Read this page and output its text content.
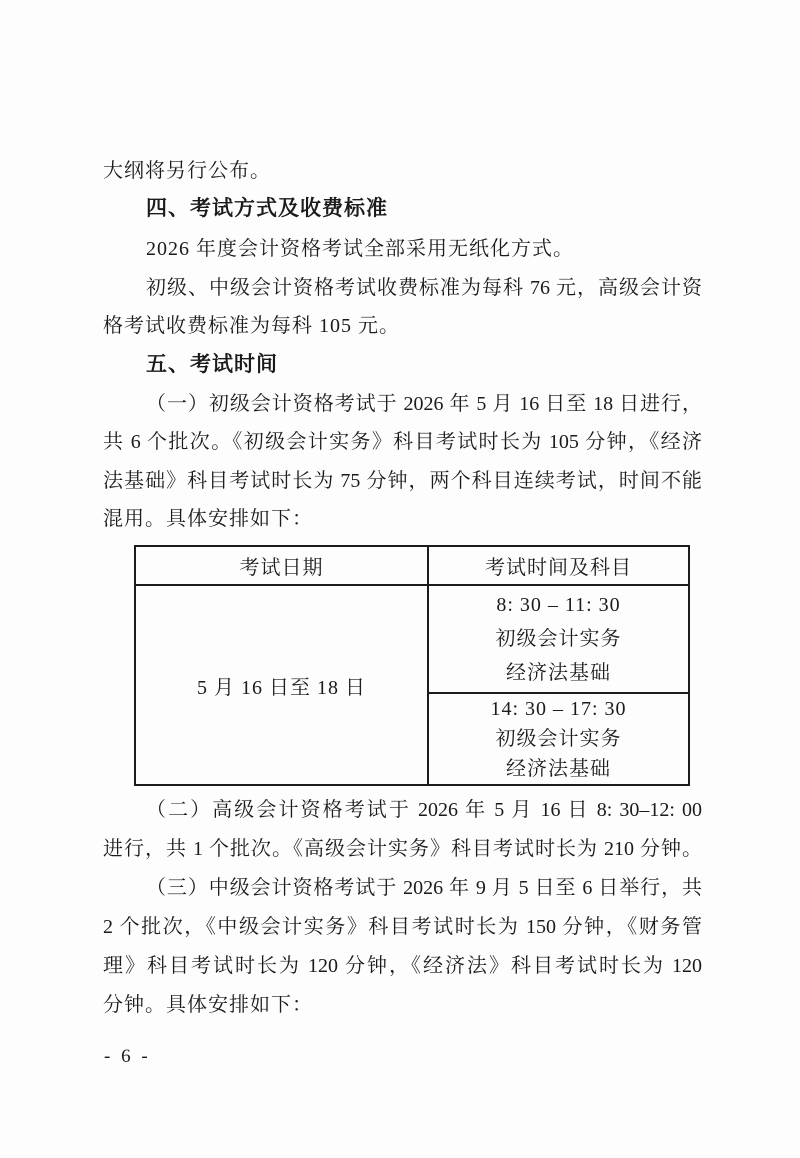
大纲将另行公布。
四、考试方式及收费标准
2026 年度会计资格考试全部采用无纸化方式。
初级、中级会计资格考试收费标准为每科 76 元，高级会计资
格考试收费标准为每科 105 元。
五、考试时间
（一）初级会计资格考试于 2026 年 5 月 16 日至 18 日进行，
共 6 个批次。《初级会计实务》科目考试时长为 105 分钟，《经济
法基础》科目考试时长为 75 分钟，两个科目连续考试，时间不能
混用。具体安排如下：
考试日期	考试时间及科目
5 月 16 日至 18 日	8: 30 – 11: 30
初级会计实务
经济法基础

	14: 30 – 17: 30
初级会计实务
经济法基础
（二）高级会计资格考试于 2026 年 5 月 16 日 8: 30–12: 00
进行，共 1 个批次。《高级会计实务》科目考试时长为 210 分钟。
（三）中级会计资格考试于 2026 年 9 月 5 日至 6 日举行，共
2 个批次，《中级会计实务》科目考试时长为 150 分钟，《财务管
理》科目考试时长为 120 分钟，《经济法》科目考试时长为 120
分钟。具体安排如下：
- 6 -
